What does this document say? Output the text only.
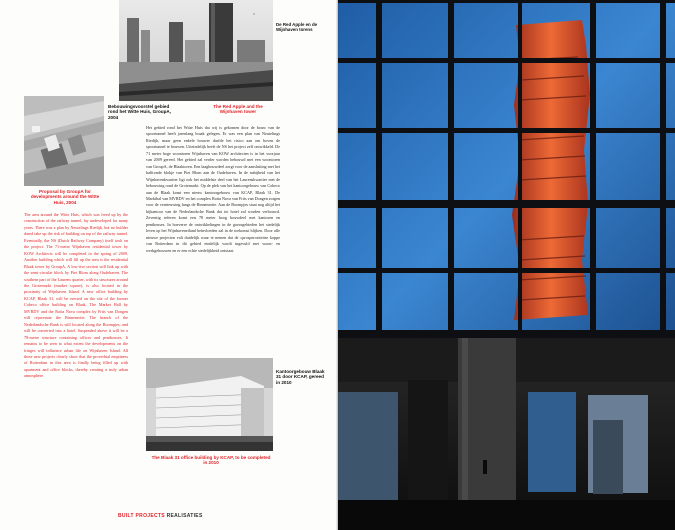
De Red Apple en de Wijnhaven torens
Bebouwingsvoorstel gebied rond het Witte Huis, GroupA, 2004
The Red Apple and the Wijnhaven tower
Proposal by GroupA for developments around the Witte Huis, 2004

The area around the Witte Huis, which was freed up by the construction of the railway tunnel, lay undeveloped for many years. There was a plan by Neutelings Riedijk, but no builder dared take up the risk of building on top of the railway tunnel. Eventually, the NS (Dutch Railway Company) itself took on the project. The 71-metre Wijnhaven residential tower by KOW Architects will be completed in the spring of 2009. Another building which will fill up the area is the residential Blaak tower by GroupA. A low-rise section will link up with the semi-circular block by Piet Blom along Oudehaven. The southern part of the Laurens quarter, with its structures around the Grotemarkt (market square), is also located in the proximity of Wijnhaven Island. A new office building by KCAP, Blaak 31, will be erected on the site of the former Cobeco office building on Blaak. The Market Hall by MVRDV and the Rotta Nova complex by Frits van Dongen will rejuvenate the Binnenrotte. The branch of the Nederlandsche Bank is still located along the Boompjes, and will be converted into a hotel. Suspended above it will be a 78-metre structure containing offices and penthouses. It remains to be seen to what extent the developments on the fringes will influence urban life on Wijnhaven Island. All these new projects clearly show that the proverbial emptiness of Rotterdam in this area is finally being filled up with apartment and office blocks, thereby creating a truly urban atmosphere.

Het gebied rond het Witte Huis dat wij is gekomen door de bouw van de spoortunnel heeft jarenlang braak gelegen. Er was een plan van Neutelings Riedijk, maar geen enkele bouwer durfde het risico aan om boven de spoortunnel te bouwen. Uiteindelijk heeft de NS het project zelf ontwikkeld. De 71 meter hoge woontoren Wijnhaven van KOW architecten is in het voorjaar van 2009 gereed. Het gebied zal verder worden bebouwd met een woontoren van GroupA, de Blaaktoren. Een laagbouwdeel zorgt voor de aansluiting met het halfronde blokje van Piet Blom aan de Oudehaven. In de nabijheid van het Wijnhavenkwartier ligt ook het middelste deel van het Laurenskwartier met de bebouwing rond de Grotemarkt. Op de plek van het kantoorgebouw van Cobeco aan de Blaak komt een nieuw kantoorgebouw van KCAP, Blaak 31. De Markthal van MVRDV en het complex Rotta Nova van Frits van Dongen zorgen voor de vernieuwing langs de Binnenrotte. Aan de Boompjes staat nog altijd het bijkantoor van de Nederlandsche Bank dat tot hotel zal worden verbouwd. Zeventig referen komt een 78 meter hoog bouwdeel met kantoren en penthouses. In hoeverre de ontwikkelingen in de goeorgebieden het stedelijk leven op het Wijnhaveneiland beïnvloeden zal in de toekomst blijken. Door alle nieuwe projecten valt duidelijk waar te nemen dat de «prosperositeitse koppe van Rotterdam in dit gebied eindelijk wordt ingevuld met woon- en werkgebouwen en er een echte stedelijkheid ontstaat.

Kantoorgebouw Blaak 31 door KCAP, gereed in 2010
The Blaak 31 office building by KCAP, to be completed in 2010
BUILT PROJECTS REALISATIES
